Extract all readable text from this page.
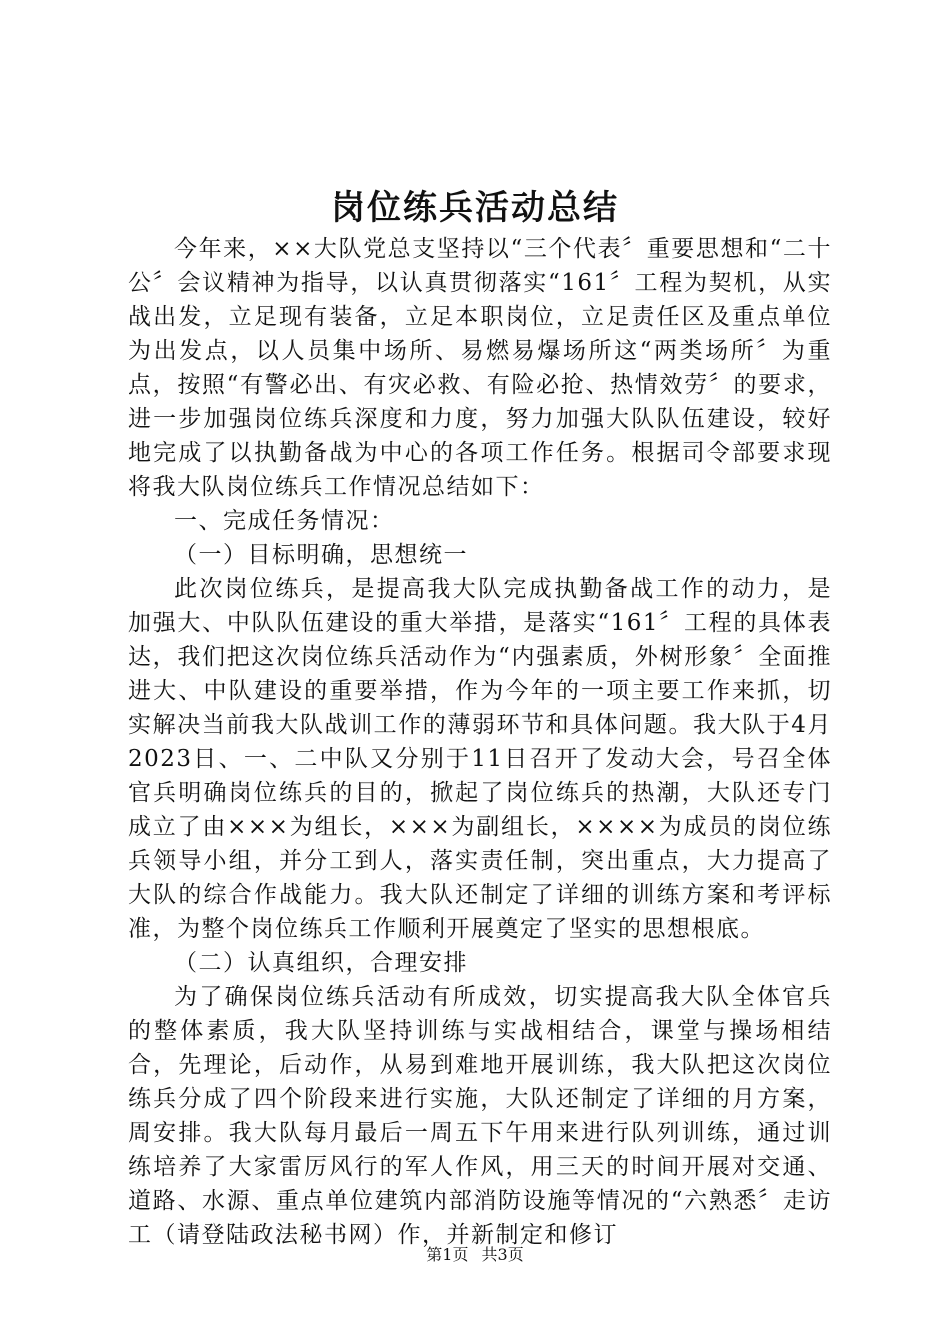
岗位练兵活动总结

今年来，××大队党总支坚持以“三个代表〞重要思想和“二十公〞会议精神为指导，以认真贯彻落实“161〞工程为契机，从实战出发，立足现有装备，立足本职岗位，立足责任区及重点单位为出发点，以人员集中场所、易燃易爆场所这“两类场所〞为重点，按照“有警必出、有灾必救、有险必抢、热情效劳〞的要求，进一步加强岗位练兵深度和力度，努力加强大队队伍建设，较好地完成了以执勤备战为中心的各项工作任务。根据司令部要求现将我大队岗位练兵工作情况总结如下：

一、完成任务情况：

（一）目标明确，思想统一

此次岗位练兵，是提高我大队完成执勤备战工作的动力，是加强大、中队队伍建设的重大举措，是落实“161〞工程的具体表达，我们把这次岗位练兵活动作为“内强素质，外树形象〞全面推进大、中队建设的重要举措，作为今年的一项主要工作来抓，切实解决当前我大队战训工作的薄弱环节和具体问题。我大队于4月2023日、一、二中队又分别于11日召开了发动大会，号召全体官兵明确岗位练兵的目的，掀起了岗位练兵的热潮，大队还专门成立了由×××为组长，×××为副组长，××××为成员的岗位练兵领导小组，并分工到人，落实责任制，突出重点，大力提高了大队的综合作战能力。我大队还制定了详细的训练方案和考评标准，为整个岗位练兵工作顺利开展奠定了坚实的思想根底。

（二）认真组织，合理安排

为了确保岗位练兵活动有所成效，切实提高我大队全体官兵的整体素质，我大队坚持训练与实战相结合，课堂与操场相结合，先理论，后动作，从易到难地开展训练，我大队把这次岗位练兵分成了四个阶段来进行实施，大队还制定了详细的月方案，周安排。我大队每月最后一周五下午用来进行队列训练，通过训练培养了大家雷厉风行的军人作风，用三天的时间开展对交通、道路、水源、重点单位建筑内部消防设施等情况的“六熟悉〞走访工（请登陆政法秘书网）作，并新制定和修订

第1页 共3页
